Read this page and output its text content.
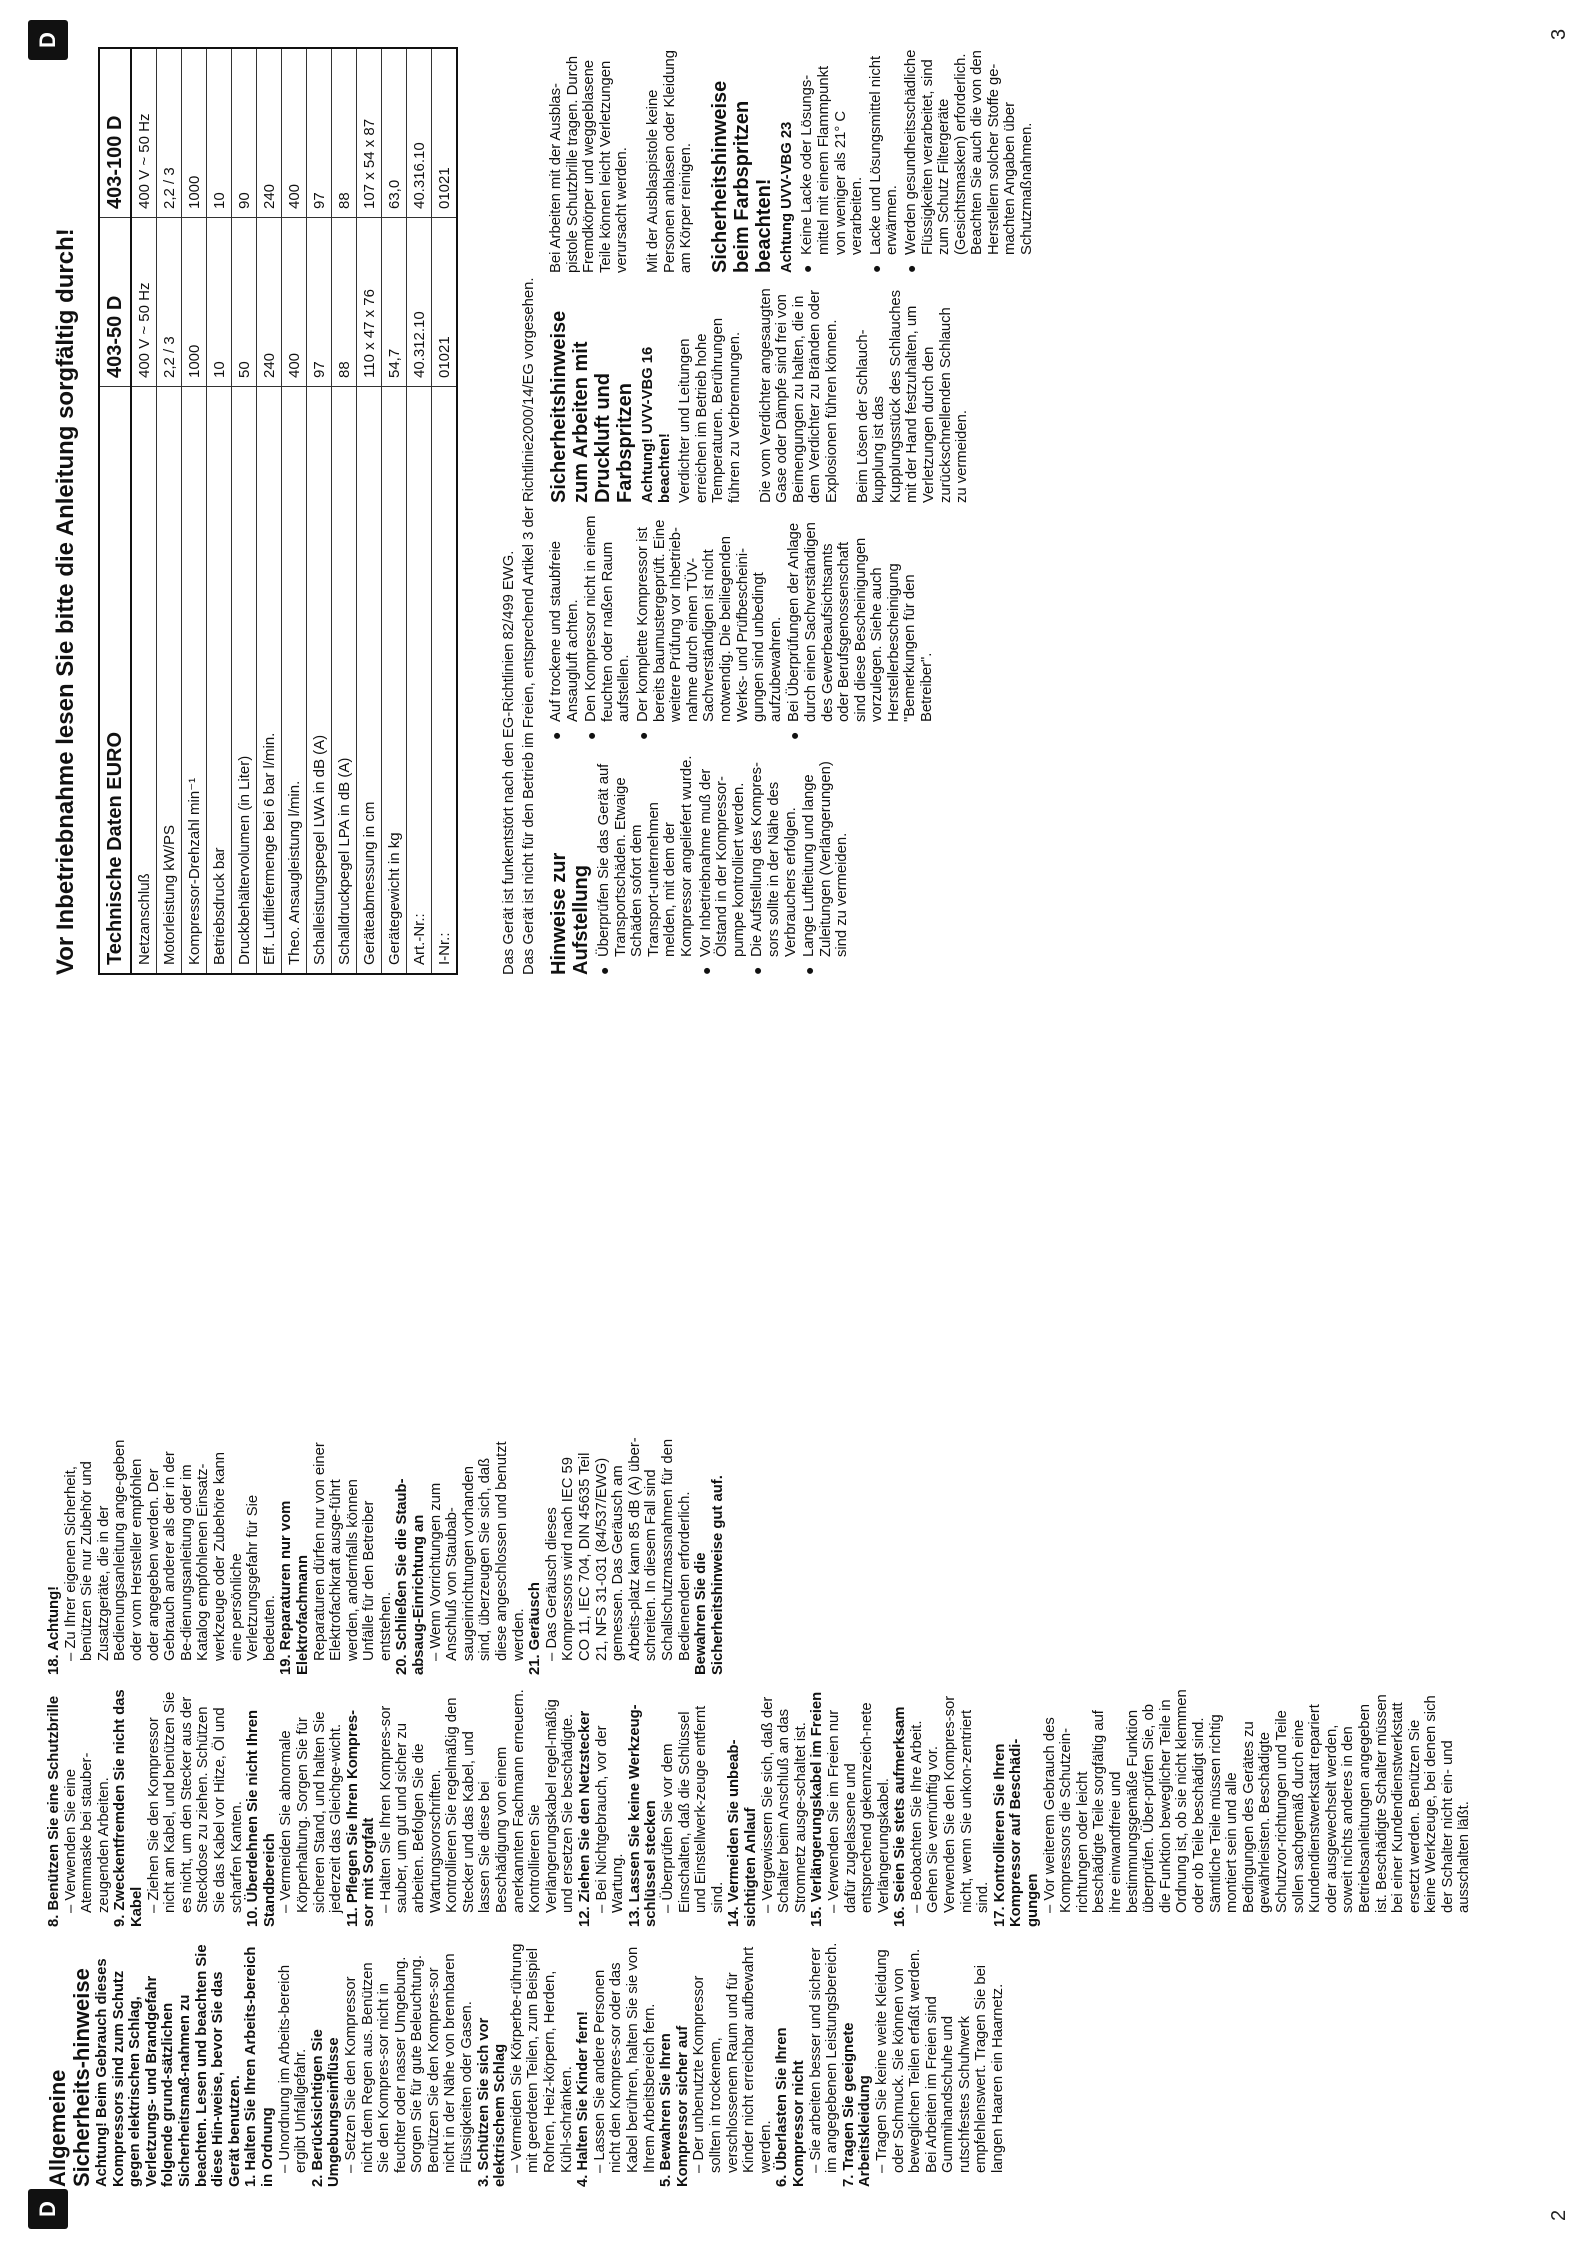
D
D
2
3
Allgemeine Sicherheits-hinweise Achtung! Beim Gebrauch dieses Kompressors sind zum Schutz gegen elektrischen Schlag, Verletzungs- und Brandgefahr folgende grund-sätzlichen Sicherheitsmaß-nahmen zu beachten. Lesen und beachten Sie diese Hin-weise, bevor Sie das Gerät benutzen. 1. Halten Sie Ihren Arbeits-bereich in Ordnung – Unordnung im Arbeits-bereich ergibt Unfallgefahr. 2. Berücksichtigen Sie Umgebungseinflüsse – Setzen Sie den Kompressor nicht dem Regen aus. Benützen Sie den Kompres-sor nicht in feuchter oder nasser Umgebung. Sorgen Sie für gute Beleuchtung. Benützen Sie den Kompres-sor nicht in der Nähe von brennbaren Flüssigkeiten oder Gasen. 3. Schützen Sie sich vor elektrischem Schlag – Vermeiden Sie Körperbe-rührung mit geerdeten Teilen, zum Beispiel Rohren, Heiz-körpern, Herden, Kühl-schränken. 4. Halten Sie Kinder fern! – Lassen Sie andere Personen nicht den Kompres-sor oder das Kabel berühren, halten Sie sie von Ihrem Arbeitsbereich fern. 5. Bewahren Sie Ihren Kompressor sicher auf – Der unbenutzte Kompressor sollten in trockenem, verschlossenem Raum und für Kinder nicht erreichbar aufbewahrt werden. 6. Überlasten Sie Ihren Kompressor nicht – Sie arbeiten besser und sicherer im angegebenen Leistungsbereich. 7. Tragen Sie geeignete Arbeitskleidung – Tragen Sie keine weite Kleidung oder Schmuck. Sie können von beweglichen Teilen erfaßt werden. Bei Arbeiten im Freien sind Gummihandschuhe und rutschfestes Schuhwerk empfehlenswert. Tragen Sie bei langen Haaren ein Haarnetz.
8. Benützen Sie eine Schutzbrille – Verwenden Sie eine Atemmaske bei stauber-zeugenden Arbeiten. 9. Zweckentfremden Sie nicht das Kabel – Ziehen Sie den Kompressor nicht am Kabel, und benützen Sie es nicht, um den Stecker aus der Steckdose zu ziehen. Schützen Sie das Kabel vor Hitze, Öl und scharfen Kanten. 10. Überdehnen Sie nicht Ihren Standbereich – Vermeiden Sie abnormale Körperhaltung. Sorgen Sie für sicheren Stand, und halten Sie jederzeit das Gleichge-wicht. 11. Pflegen Sie Ihren Kompres-sor mit Sorgfalt – Halten Sie Ihren Kompres-sor sauber, um gut und sicher zu arbeiten. Befolgen Sie die Wartungsvorschriften. Kontrollieren Sie regelmäßig den Stecker und das Kabel, und lassen Sie diese bei Beschädigung von einem anerkannten Fachmann erneuern. Kontrollieren Sie Verlängerungskabel regel-mäßig und ersetzen Sie beschädigte. 12. Ziehen Sie den Netzstecker – Bei Nichtgebrauch, vor der Wartung. 13. Lassen Sie keine Werkzeug-schlüssel stecken – Überprüfen Sie vor dem Einschalten, daß die Schlüssel und Einstellwerk-zeuge entfernt sind. 14. Vermeiden Sie unbeab-sichtigten Anlauf – Vergewissern Sie sich, daß der Schalter beim Anschluß an das Stromnetz ausge-schaltet ist. 15. Verlängerungskabel im Freien – Verwenden Sie im Freien nur dafür zugelassene und entsprechend gekennzeich-nete Verlängerungskabel. 16. Seien Sie stets aufmerksam – Beobachten Sie Ihre Arbeit. Gehen Sie vernünftig vor. Verwenden Sie den Kompres-sor nicht, wenn Sie unkon-zentriert sind. 17. Kontrollieren Sie Ihren Kompressor auf Beschädi-gungen – Vor weiterem Gebrauch des Kompressors die Schutzein-richtungen oder leicht beschädigte Teile sorgfältig auf ihre einwandfreie und bestimmungsgemäße Funktion überprüfen. Über-prüfen Sie, ob die Funktion beweglicher Teile in Ordnung ist, ob sie nicht klemmen oder ob Teile beschädigt sind. Sämtliche Teile müssen richtig montiert sein und alle Bedingungen des Gerätes zu gewährleisten. Beschädigte Schutzvor-richtungen und Teile sollen sachgemäß durch eine Kundendienstwerkstatt repariert oder ausgewechselt werden, soweit nichts anderes in den Betriebsanleitungen angegeben ist. Beschädigte Schalter müssen bei einer Kundendienstwerkstatt ersetzt werden. Benützen Sie keine Werkzeuge, bei denen sich der Schalter nicht ein- und ausschalten läßt.
18. Achtung! – Zu Ihrer eigenen Sicherheit, benützen Sie nur Zubehör und Zusatzgeräte, die in der Bedienungsanleitung ange-geben oder vom Hersteller empfohlen oder angegeben werden. Der Gebrauch anderer als der in der Be-dienungsanleitung oder im Katalog empfohlenen Einsatz-werkzeuge oder Zubehöre kann eine persönliche Verletzungsgefahr für Sie bedeuten. 19. Reparaturen nur vom Elektrofachmann Reparaturen dürfen nur von einer Elektrofachkraft ausge-führt werden, andernfalls können Unfälle für den Betreiber entstehen. 20. Schließen Sie die Staub-absaug-Einrichtung an – Wenn Vorrichtungen zum Anschluß von Staubab-saugeinrichtungen vorhanden sind, überzeugen Sie sich, daß diese angeschlossen und benutzt werden. 21. Geräusch – Das Geräusch dieses Kompressors wird nach IEC 59 CO 11, IEC 704, DIN 45635 Teil 21, NFS 31-031 (84/537/EWG) gemessen. Das Geräusch am Arbeits-platz kann 85 dB (A) über-schreiten. In diesem Fall sind Schallschutzmassnahmen für den Bedienenden erforderlich. Bewahren Sie die Sicherheitshinweise gut auf.

Vor Inbetriebnahme lesen Sie bitte die Anleitung sorgfältig durch! Technische Daten EURO	403-50 D	403-100 D
Netzanschluß	400 V ~ 50 Hz	400 V ~ 50 Hz
Motorleistung kW/PS	2,2 / 3	2,2 / 3
Kompressor-Drehzahl min⁻¹	1000	1000
Betriebsdruck bar	10	10
Druckbehältervolumen (in Liter)	50	90
Eff. Luftliefermenge bei 6 bar l/min.	240	240
Theo. Ansaugleistung l/min.	400	400
Schalleistungspegel LWA in dB (A)	97	97
Schalldruckpegel LPA in dB (A)	88	88
Geräteabmessung in cm	110 x 47 x 76	107 x 54 x 87
Gerätegewicht in kg	54,7	63,0
Art.-Nr.:	40.312.10	40.316.10
I-Nr.:	01021	01021
Das Gerät ist funkentstört nach den EG-Richtlinien 82/499 EWG. Das Gerät ist nicht für den Betrieb im Freien, entsprechend Artikel 3 der Richtlinie2000/14/EG vorgesehen. Hinweise zur Aufstellung ● Überprüfen Sie das Gerät auf Transportschäden. Etwaige Schäden sofort dem Transport-unternehmen melden, mit dem der Kompressor angeliefert wurde. ● Vor Inbetriebnahme muß der Ölstand in der Kompressor-pumpe kontrolliert werden. ● Die Aufstellung des Kompres-sors sollte in der Nähe des Verbrauchers erfolgen. ● Lange Luftleitung und lange Zuleitungen (Verlängerungen) sind zu vermeiden.
● Auf trockene und staubfreie Ansaugluft achten. ● Den Kompressor nicht in einem feuchten oder naßen Raum aufstellen. ● Der komplette Kompressor ist bereits baumustergeprüft. Eine weitere Prüfung vor Inbetrieb-nahme durch einen TÜV-Sachverständigen ist nicht notwendig. Die beiliegenden Werks- und Prüfbescheini-gungen sind unbedingt aufzubewahren. ● Bei Überprüfungen der Anlage durch einen Sachverständigen des Gewerbeaufsichtsamts oder Berufsgenossenschaft sind diese Bescheinigungen vorzulegen. Siehe auch Herstellerbescheinigung "Bemerkungen für den Betreiber".
Sicherheitshinweise zum Arbeiten mit Druckluft und Farbspritzen Achtung! UVV-VBG 16 beachten! Verdichter und Leitungen erreichen im Betrieb hohe Temperaturen. Berührungen führen zu Verbrennungen. Die vom Verdichter angesaugten Gase oder Dämpfe sind frei von Beimengungen zu halten, die in dem Verdichter zu Bränden oder Explosionen führen können. Beim Lösen der Schlauch-kupplung ist das Kupplungsstück des Schlauches mit der Hand festzuhalten, um Verletzungen durch den zurückschnellenden Schlauch zu vermeiden.

Bei Arbeiten mit der Ausblas-pistole Schutzbrille tragen. Durch Fremdkörper und weggeblasene Teile können leicht Verletzungen verursacht werden. Mit der Ausblaspistole keine Personen anblasen oder Kleidung am Körper reinigen. Sicherheitshinweise beim Farbspritzen beachten! Achtung UVV-VBG 23 ● Keine Lacke oder Lösungs-mittel mit einem Flammpunkt von weniger als 21° C verarbeiten. ● Lacke und Lösungsmittel nicht erwärmen. ● Werden gesundheitsschädliche Flüssigkeiten verarbeitet, sind zum Schutz Filtergeräte (Gesichtsmasken) erforderlich. Beachten Sie auch die von den Herstellern solcher Stoffe ge-machten Angaben über Schutzmaßnahmen.
